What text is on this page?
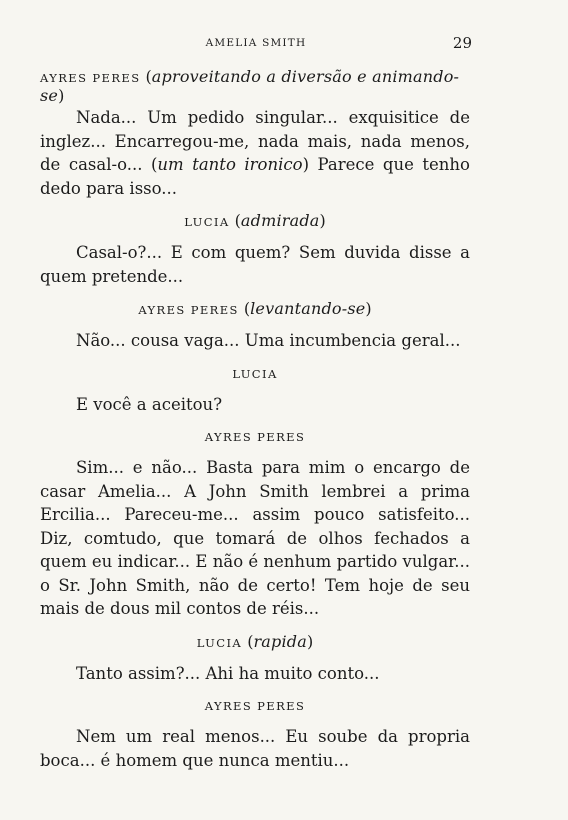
AMELIA SMITH	29
AYRES PERES (aproveitando a diversão e animando-se)

Nada... Um pedido singular... exquisitice de inglez... Encarregou-me, nada mais, nada menos, de casal-o... (um tanto ironico) Parece que tenho dedo para isso...

LUCIA (admirada)

Casal-o?... E com quem? Sem duvida disse a quem pretende...

AYRES PERES (levantando-se)

Não... cousa vaga... Uma incumbencia geral...

LUCIA

E você a aceitou?

AYRES PERES

Sim... e não... Basta para mim o encargo de casar Amelia... A John Smith lembrei a prima Ercilia... Pareceu-me... assim pouco satisfeito... Diz, comtudo, que tomará de olhos fechados a quem eu indicar... E não é nenhum partido vulgar... o Sr. John Smith, não de certo! Tem hoje de seu mais de dous mil contos de réis...

LUCIA (rapida)

Tanto assim?... Ahi ha muito conto...

AYRES PERES

Nem um real menos... Eu soube da propria boca... é homem que nunca mentiu...
